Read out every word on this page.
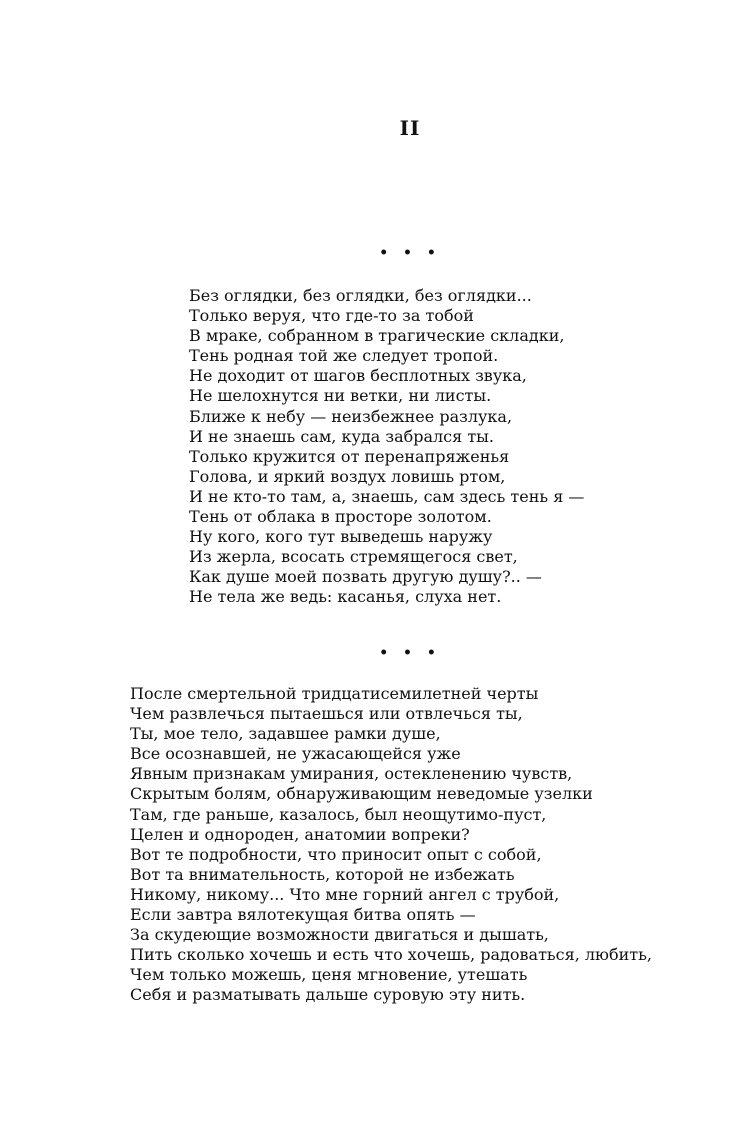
II
• • •
Без оглядки, без оглядки, без оглядки...
Только веруя, что где-то за тобой
В мраке, собранном в трагические складки,
Тень родная той же следует тропой.
Не доходит от шагов бесплотных звука,
Не шелохнутся ни ветки, ни листы.
Ближе к небу — неизбежнее разлука,
И не знаешь сам, куда забрался ты.
Только кружится от перенапряженья
Голова, и яркий воздух ловишь ртом,
И не кто-то там, а, знаешь, сам здесь тень я —
Тень от облака в просторе золотом.
Ну кого, кого тут выведешь наружу
Из жерла, всосать стремящегося свет,
Как душе моей позвать другую душу?.. —
Не тела же ведь: касанья, слуха нет.
• • •
После смертельной тридцатисемилетней черты
Чем развлечься пытаешься или отвлечься ты,
Ты, мое тело, задавшее рамки душе,
Все осознавшей, не ужасающейся уже
Явным признакам умирания, остекленению чувств,
Скрытым болям, обнаруживающим неведомые узелки
Там, где раньше, казалось, был неощутимо-пуст,
Целен и однороден, анатомии вопреки?
Вот те подробности, что приносит опыт с собой,
Вот та внимательность, которой не избежать
Никому, никому... Что мне горний ангел с трубой,
Если завтра вялотекущая битва опять —
За скудеющие возможности двигаться и дышать,
Пить сколько хочешь и есть что хочешь, радоваться, любить,
Чем только можешь, ценя мгновение, утешать
Себя и разматывать дальше суровую эту нить.
